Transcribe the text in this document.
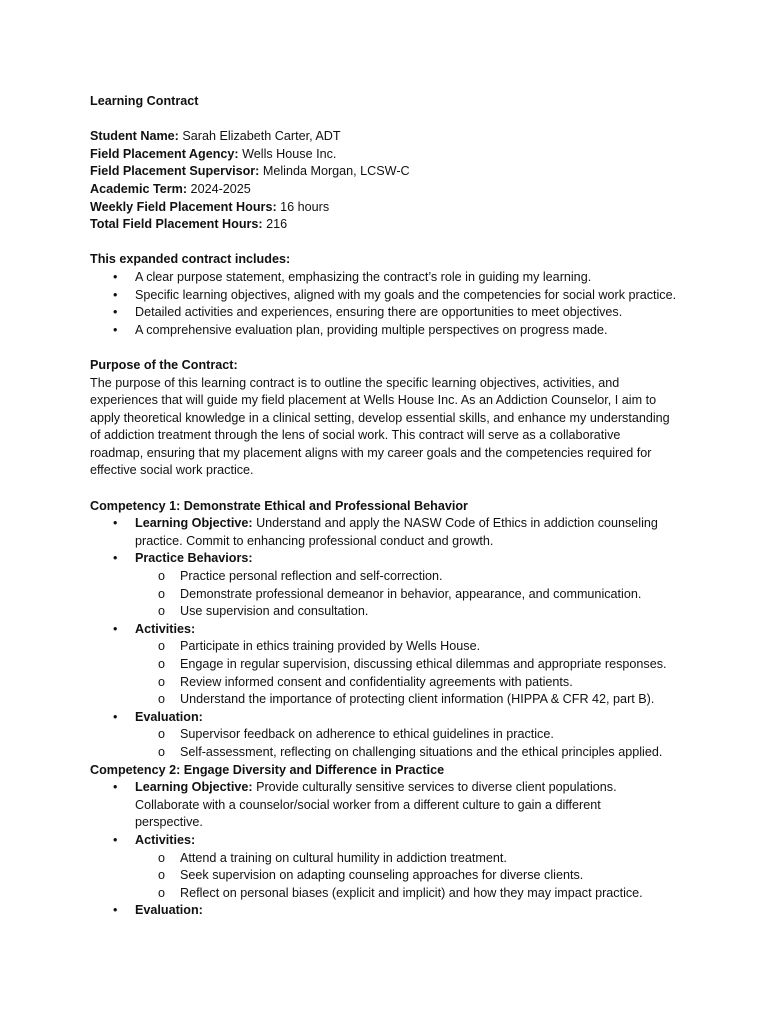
Learning Contract
Student Name: Sarah Elizabeth Carter, ADT
Field Placement Agency: Wells House Inc.
Field Placement Supervisor: Melinda Morgan, LCSW-C
Academic Term: 2024-2025
Weekly Field Placement Hours: 16 hours
Total Field Placement Hours: 216
This expanded contract includes:
• A clear purpose statement, emphasizing the contract’s role in guiding my learning.
• Specific learning objectives, aligned with my goals and the competencies for social work practice.
• Detailed activities and experiences, ensuring there are opportunities to meet objectives.
• A comprehensive evaluation plan, providing multiple perspectives on progress made.
Purpose of the Contract:

The purpose of this learning contract is to outline the specific learning objectives, activities, and

experiences that will guide my field placement at Wells House Inc. As an Addiction Counselor, I aim to

apply theoretical knowledge in a clinical setting, develop essential skills, and enhance my understanding

of addiction treatment through the lens of social work. This contract will serve as a collaborative

roadmap, ensuring that my placement aligns with my career goals and the competencies required for

effective social work practice.

Competency 1: Demonstrate Ethical and Professional Behavior
• Learning Objective: Understand and apply the NASW Code of Ethics in addiction counseling
practice. Commit to enhancing professional conduct and growth.
• Practice Behaviors:
o Practice personal reflection and self-correction.
o Demonstrate professional demeanor in behavior, appearance, and communication.
o Use supervision and consultation.
• Activities:
o Participate in ethics training provided by Wells House.
o Engage in regular supervision, discussing ethical dilemmas and appropriate responses.
o Review informed consent and confidentiality agreements with patients.
o Understand the importance of protecting client information (HIPPA & CFR 42, part B).
• Evaluation:
o Supervisor feedback on adherence to ethical guidelines in practice.
o Self-assessment, reflecting on challenging situations and the ethical principles applied.
Competency 2: Engage Diversity and Difference in Practice
• Learning Objective: Provide culturally sensitive services to diverse client populations.
Collaborate with a counselor/social worker from a different culture to gain a different
perspective.
• Activities:
o Attend a training on cultural humility in addiction treatment.
o Seek supervision on adapting counseling approaches for diverse clients.
o Reflect on personal biases (explicit and implicit) and how they may impact practice.
• Evaluation:
